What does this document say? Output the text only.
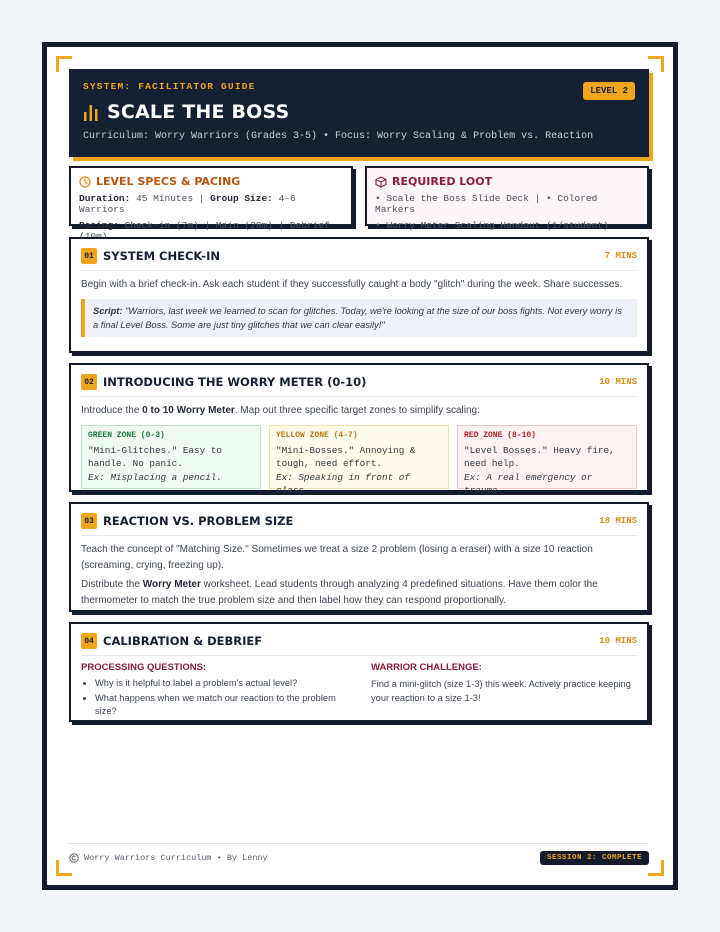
SYSTEM: FACILITATOR GUIDE	LEVEL 2
SCALE THE BOSS
Curriculum: Worry Warriors (Grades 3-5) • Focus: Worry Scaling & Problem vs. Reaction
LEVEL SPECS & PACING
Duration: 45 Minutes | Group Size: 4-6 Warriors
Pacing: Check-in (7m) | Main (28m) | Debrief
REQUIRED LOOT
• Scale the Boss Slide Deck | • Colored Markers
• Worry Meter Scaling Handout (1/student)
01 SYSTEM CHECK-IN	7 MINS
Begin with a brief check-in. Ask each student if they successfully caught a body "glitch" during the week. Share successes.
Script: "Warriors, last week we learned to scan for glitches. Today, we're looking at the size of our boss fights. Not every worry is a final Level Boss. Some are just tiny glitches that we can clear easily!"
02 INTRODUCING THE WORRY METER (0-10)	10 MINS
Introduce the 0 to 10 Worry Meter. Map out three specific target zones to simplify scaling:
GREEN ZONE (0-3)
"Mini-Glitches." Easy to handle. No panic.
Ex: Misplacing a pencil.
YELLOW ZONE (4-7)
"Mini-Bosses." Annoying & tough, need effort.
Ex: Speaking in front of class.
RED ZONE (8-10)
"Level Bosses." Heavy fire, need help.
Ex: A real emergency or trauma.
03 REACTION VS. PROBLEM SIZE	18 MINS
Teach the concept of "Matching Size." Sometimes we treat a size 2 problem (losing a eraser) with a size 10 reaction (screaming, crying, freezing up).
Distribute the Worry Meter worksheet. Lead students through analyzing 4 predefined situations. Have them color the thermometer to match the true problem size and then label how they can respond proportionally.
04 CALIBRATION & DEBRIEF	10 MINS
PROCESSING QUESTIONS:
• Why is it helpful to label a problem's actual level?
• What happens when we match our reaction to the problem size?
WARRIOR CHALLENGE:

Find a mini-glitch (size 1-3) this week. Actively practice keeping your reaction to a size 1-3!

Worry Warriors Curriculum • By Lenny	SESSION 2: COMPLETE
